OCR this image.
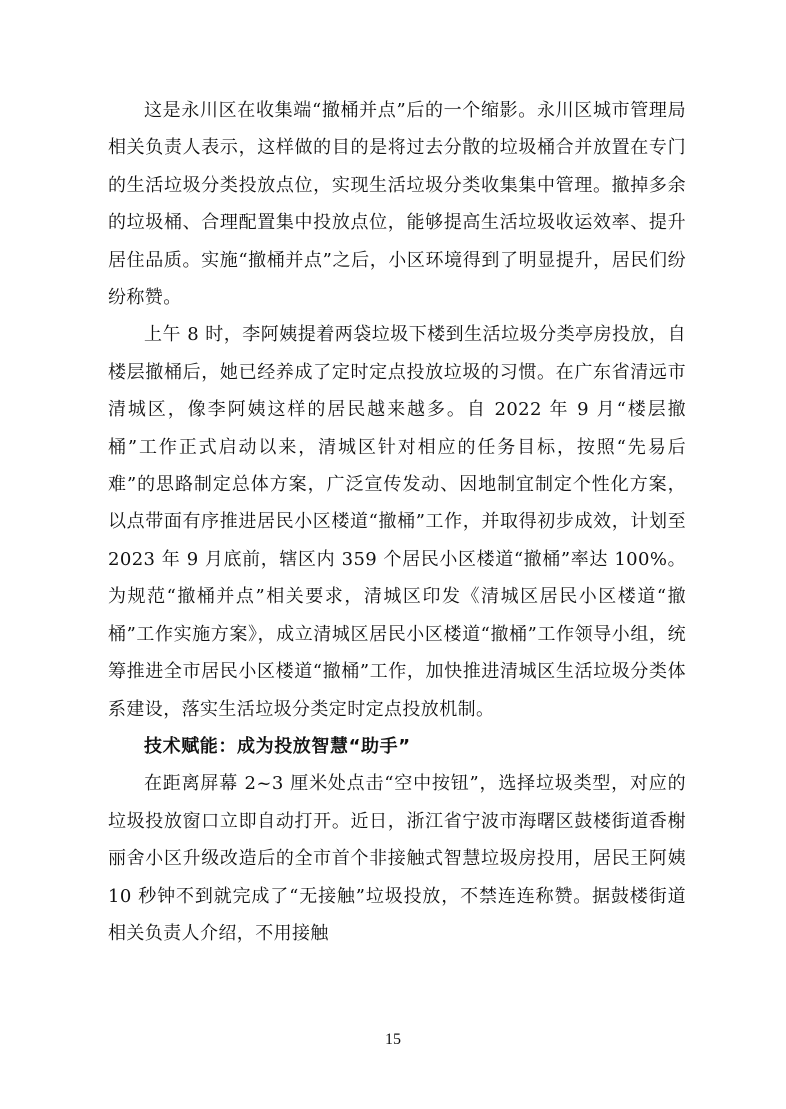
这是永川区在收集端“撤桶并点”后的一个缩影。永川区城市管理局相关负责人表示，这样做的目的是将过去分散的垃圾桶合并放置在专门的生活垃圾分类投放点位，实现生活垃圾分类收集集中管理。撤掉多余的垃圾桶、合理配置集中投放点位，能够提高生活垃圾收运效率、提升居住品质。实施“撤桶并点”之后，小区环境得到了明显提升，居民们纷纷称赞。

上午 8 时，李阿姨提着两袋垃圾下楼到生活垃圾分类亭房投放，自楼层撤桶后，她已经养成了定时定点投放垃圾的习惯。在广东省清远市清城区，像李阿姨这样的居民越来越多。自 2022 年 9 月“楼层撤桶”工作正式启动以来，清城区针对相应的任务目标，按照“先易后难”的思路制定总体方案，广泛宣传发动、因地制宜制定个性化方案，以点带面有序推进居民小区楼道“撤桶”工作，并取得初步成效，计划至 2023 年 9 月底前，辖区内 359 个居民小区楼道“撤桶”率达 100%。为规范“撤桶并点”相关要求，清城区印发《清城区居民小区楼道“撤桶”工作实施方案》，成立清城区居民小区楼道“撤桶”工作领导小组，统筹推进全市居民小区楼道“撤桶”工作，加快推进清城区生活垃圾分类体系建设，落实生活垃圾分类定时定点投放机制。

技术赋能：成为投放智慧“助手”

在距离屏幕 2~3 厘米处点击“空中按钮”，选择垃圾类型，对应的垃圾投放窗口立即自动打开。近日，浙江省宁波市海曙区鼓楼街道香榭丽舍小区升级改造后的全市首个非接触式智慧垃圾房投用，居民王阿姨 10 秒钟不到就完成了“无接触”垃圾投放，不禁连连称赞。据鼓楼街道相关负责人介绍，不用接触

15
